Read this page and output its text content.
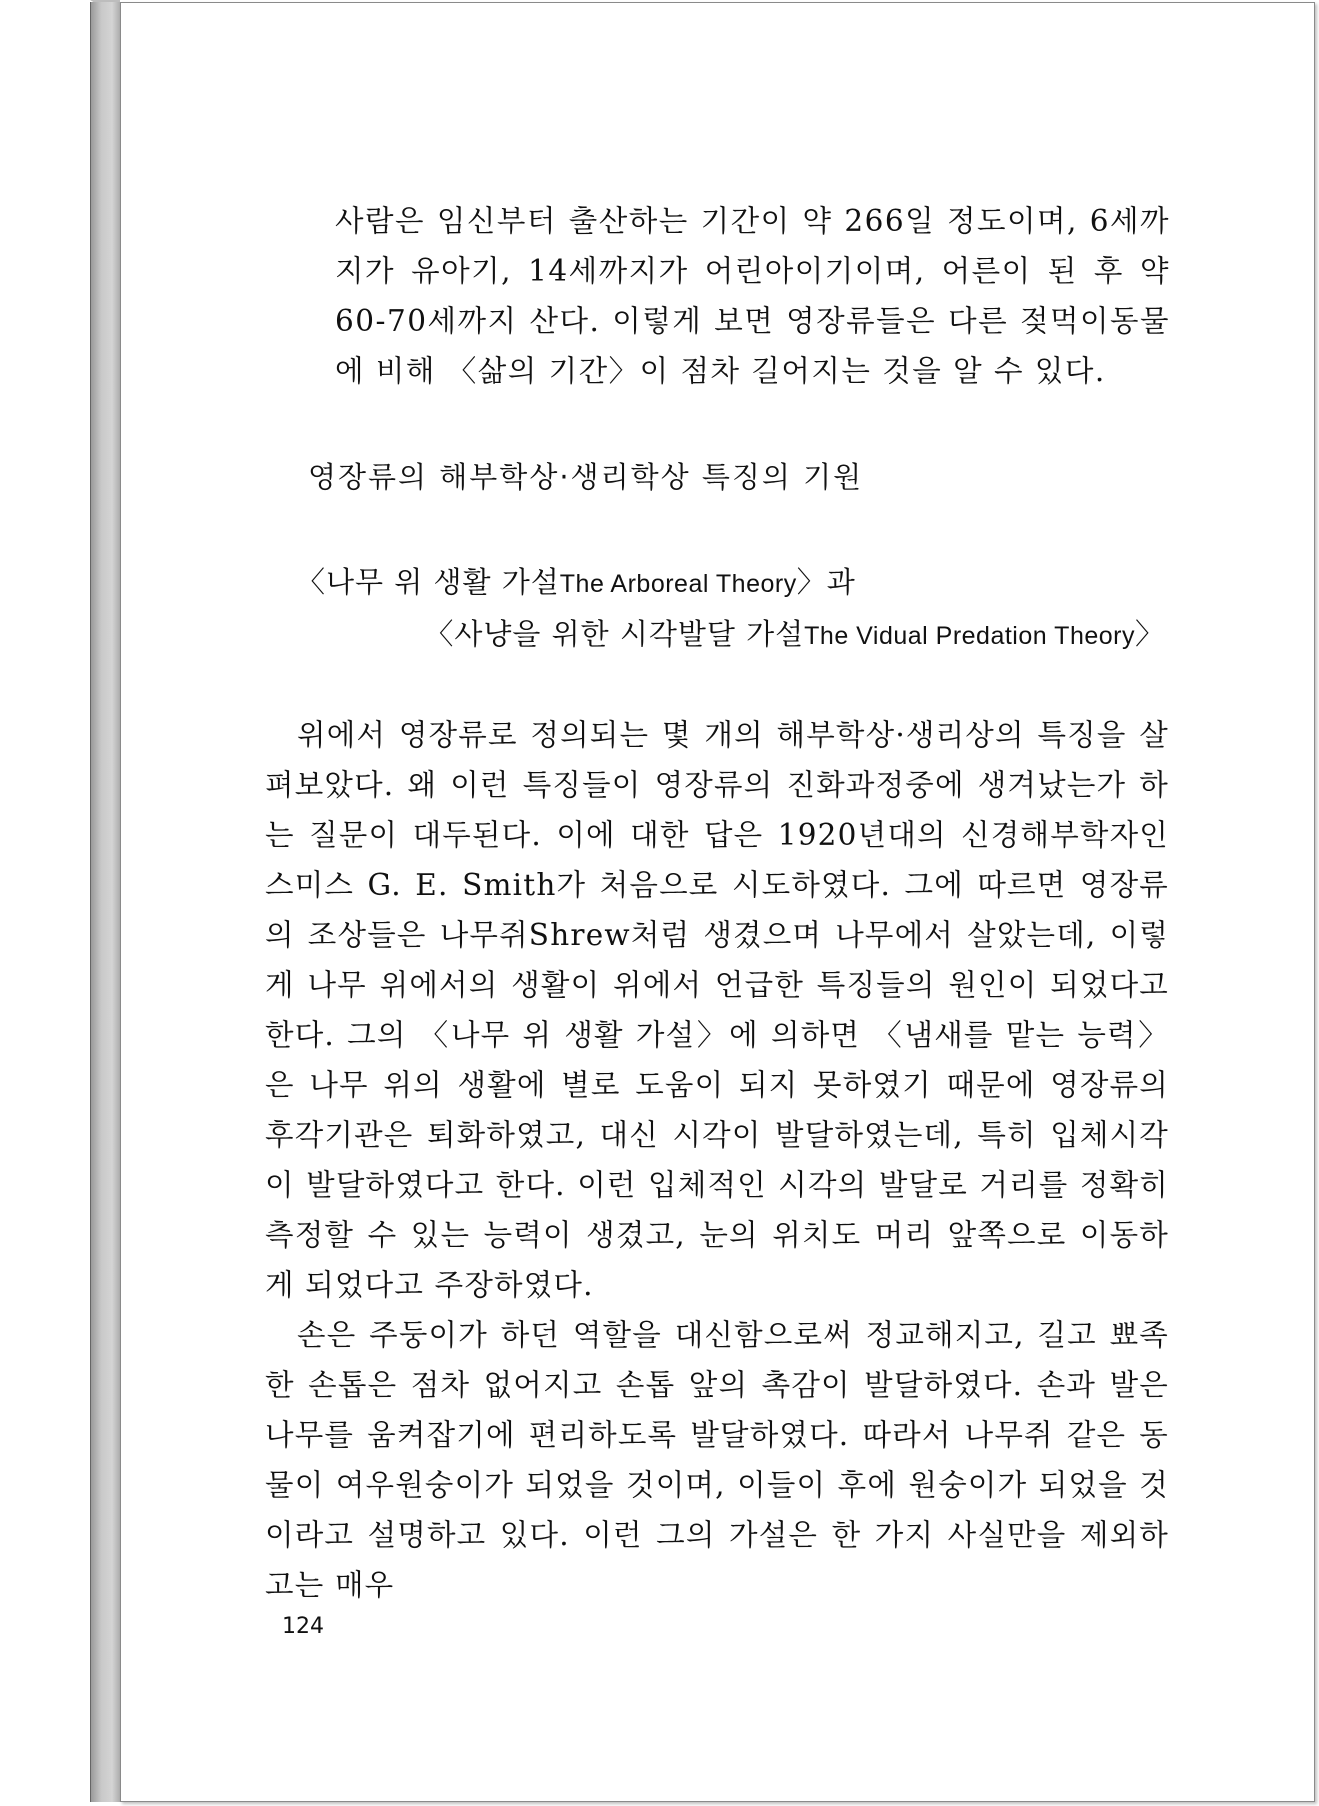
사람은 임신부터 출산하는 기간이 약 266일 정도이며, 6세까지가 유아기, 14세까지가 어린아이기이며, 어른이 된 후 약 60-70세까지 산다. 이렇게 보면 영장류들은 다른 젖먹이동물에 비해 〈삶의 기간〉이 점차 길어지는 것을 알 수 있다.

영장류의 해부학상·생리학상 특징의 기원
〈나무 위 생활 가설The Arboreal Theory〉과
〈사냥을 위한 시각발달 가설The Vidual Predation Theory〉

위에서 영장류로 정의되는 몇 개의 해부학상·생리상의 특징을 살펴보았다. 왜 이런 특징들이 영장류의 진화과정중에 생겨났는가 하는 질문이 대두된다. 이에 대한 답은 1920년대의 신경해부학자인 스미스 G. E. Smith가 처음으로 시도하였다. 그에 따르면 영장류의 조상들은 나무쥐Shrew처럼 생겼으며 나무에서 살았는데, 이렇게 나무 위에서의 생활이 위에서 언급한 특징들의 원인이 되었다고 한다. 그의 〈나무 위 생활 가설〉에 의하면 〈냄새를 맡는 능력〉은 나무 위의 생활에 별로 도움이 되지 못하였기 때문에 영장류의 후각기관은 퇴화하였고, 대신 시각이 발달하였는데, 특히 입체시각이 발달하였다고 한다. 이런 입체적인 시각의 발달로 거리를 정확히 측정할 수 있는 능력이 생겼고, 눈의 위치도 머리 앞쪽으로 이동하게 되었다고 주장하였다.

손은 주둥이가 하던 역할을 대신함으로써 정교해지고, 길고 뾰족한 손톱은 점차 없어지고 손톱 앞의 촉감이 발달하였다. 손과 발은 나무를 움켜잡기에 편리하도록 발달하였다. 따라서 나무쥐 같은 동물이 여우원숭이가 되었을 것이며, 이들이 후에 원숭이가 되었을 것이라고 설명하고 있다. 이런 그의 가설은 한 가지 사실만을 제외하고는 매우

124
